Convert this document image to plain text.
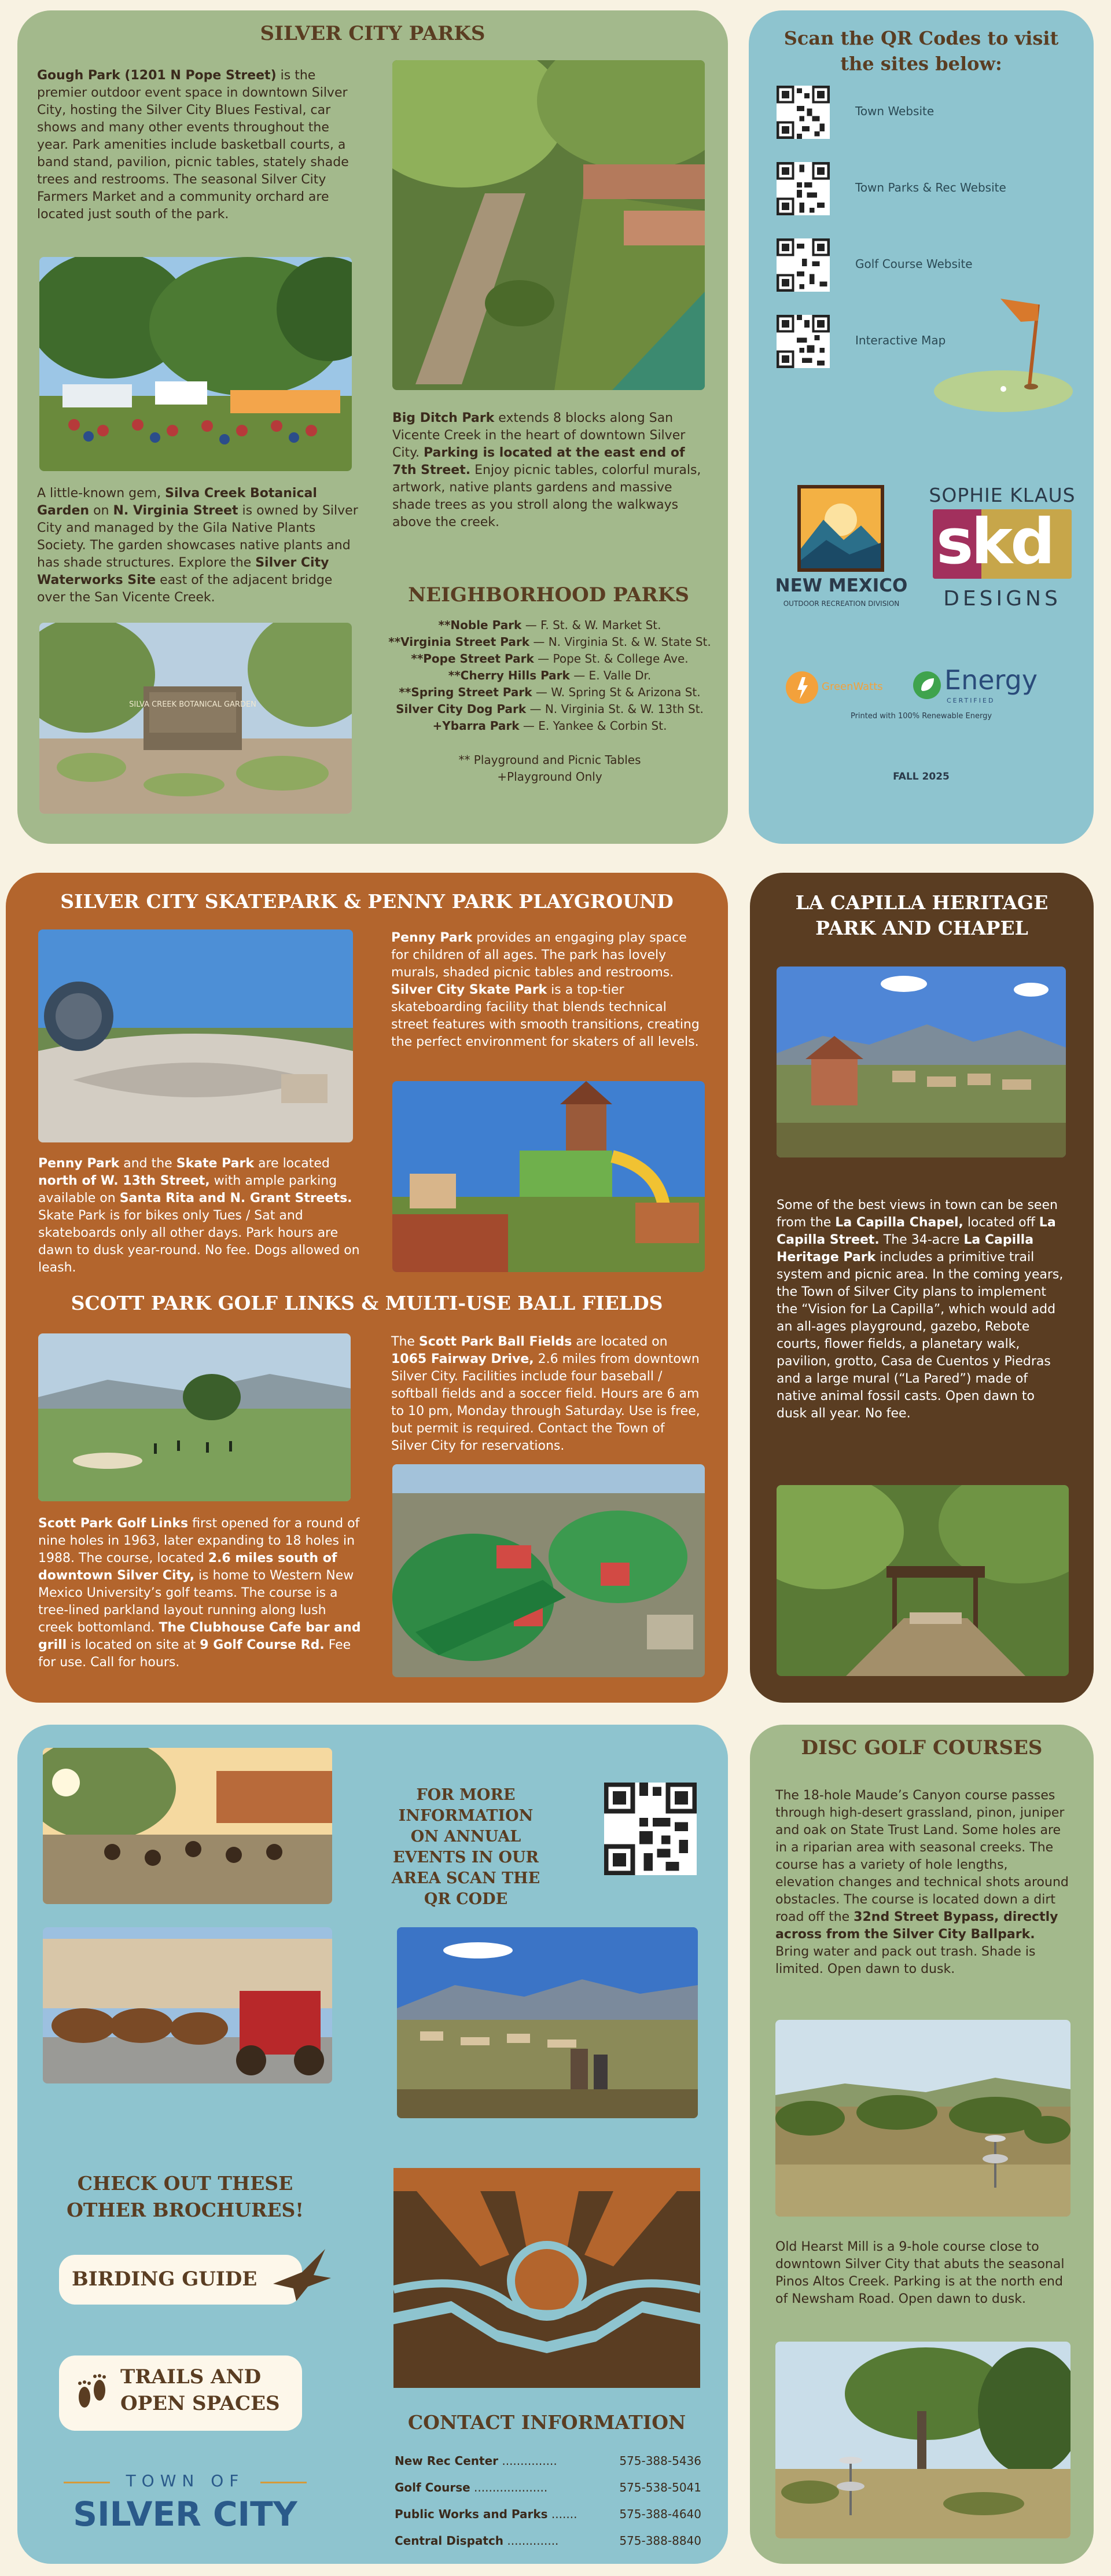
SILVER CITY PARKS
Gough Park (1201 N Pope Street) is the premier outdoor event space in downtown Silver City, hosting the Silver City Blues Festival, car shows and many other events throughout the year. Park amenities include basketball courts, a band stand, pavilion, picnic tables, stately shade trees and restrooms. The seasonal Silver City Farmers Market and a community orchard are located just south of the park.
A little-known gem, Silva Creek Botanical Garden on N. Virginia Street is owned by Silver City and managed by the Gila Native Plants Society. The garden showcases native plants and has shade structures. Explore the Silver City Waterworks Site east of the adjacent bridge over the San Vicente Creek.
SILVA CREEK BOTANICAL GARDEN
Big Ditch Park extends 8 blocks along San Vicente Creek in the heart of downtown Silver City. Parking is located at the east end of 7th Street. Enjoy picnic tables, colorful murals, artwork, native plants gardens and massive shade trees as you stroll along the walkways above the creek.
NEIGHBORHOOD PARKS
**Noble Park — F. St. & W. Market St.
**Virginia Street Park — N. Virginia St. & W. State St.
**Pope Street Park — Pope St. & College Ave.
**Cherry Hills Park — E. Valle Dr.
**Spring Street Park — W. Spring St & Arizona St.
Silver City Dog Park — N. Virginia St. & W. 13th St.
+Ybarra Park — E. Yankee & Corbin St.
** Playground and Picnic Tables
+Playground Only
Scan the QR Codes to visit the sites below:
Town Website
Town Parks & Rec Website
Golf Course Website
Interactive Map
NEW MEXICO
OUTDOOR RECREATION DIVISION
SOPHIE KLAUS
skd
DESIGNS
GreenWatts Energy
CERTIFIED
Printed with 100% Renewable Energy
FALL 2025
SILVER CITY SKATEPARK & PENNY PARK PLAYGROUND
Penny Park provides an engaging play space for children of all ages. The park has lovely murals, shaded picnic tables and restrooms. Silver City Skate Park is a top-tier skateboarding facility that blends technical street features with smooth transitions, creating the perfect environment for skaters of all levels.
Penny Park and the Skate Park are located north of W. 13th Street, with ample parking available on Santa Rita and N. Grant Streets. Skate Park is for bikes only Tues / Sat and skateboards only all other days. Park hours are dawn to dusk year-round. No fee. Dogs allowed on leash.
SCOTT PARK GOLF LINKS & MULTI-USE BALL FIELDS
The Scott Park Ball Fields are located on 1065 Fairway Drive, 2.6 miles from downtown Silver City. Facilities include four baseball / softball fields and a soccer field. Hours are 6 am to 10 pm, Monday through Saturday. Use is free, but permit is required. Contact the Town of Silver City for reservations.
Scott Park Golf Links first opened for a round of nine holes in 1963, later expanding to 18 holes in 1988. The course, located 2.6 miles south of downtown Silver City, is home to Western New Mexico University’s golf teams. The course is a tree-lined parkland layout running along lush creek bottomland. The Clubhouse Cafe bar and grill is located on site at 9 Golf Course Rd. Fee for use. Call for hours.
LA CAPILLA HERITAGE PARK AND CHAPEL
Some of the best views in town can be seen from the La Capilla Chapel, located off La Capilla Street. The 34-acre La Capilla Heritage Park includes a primitive trail system and picnic area. In the coming years, the Town of Silver City plans to implement the “Vision for La Capilla”, which would add an all-ages playground, gazebo, Rebote courts, flower fields, a planetary walk, pavilion, grotto, Casa de Cuentos y Piedras and a large mural (“La Pared”) made of native animal fossil casts. Open dawn to dusk all year. No fee.
FOR MORE INFORMATION ON ANNUAL EVENTS IN OUR AREA SCAN THE QR CODE
CHECK OUT THESE OTHER BROCHURES!
BIRDING GUIDE
TRAILS AND OPEN SPACES
TOWN OF
SILVER CITY
CONTACT INFORMATION
New Rec Center ...............	575-388-5436
Golf Course ....................	575-538-5041
Public Works and Parks .......	575-388-4640
Central Dispatch ..............	575-388-8840
DISC GOLF COURSES
The 18-hole Maude’s Canyon course passes through high-desert grassland, pinon, juniper and oak on State Trust Land. Some holes are in a riparian area with seasonal creeks. The course has a variety of hole lengths, elevation changes and technical shots around obstacles. The course is located down a dirt road off the 32nd Street Bypass, directly across from the Silver City Ballpark. Bring water and pack out trash. Shade is limited. Open dawn to dusk.
Old Hearst Mill is a 9-hole course close to downtown Silver City that abuts the seasonal Pinos Altos Creek. Parking is at the north end of Newsham Road. Open dawn to dusk.
